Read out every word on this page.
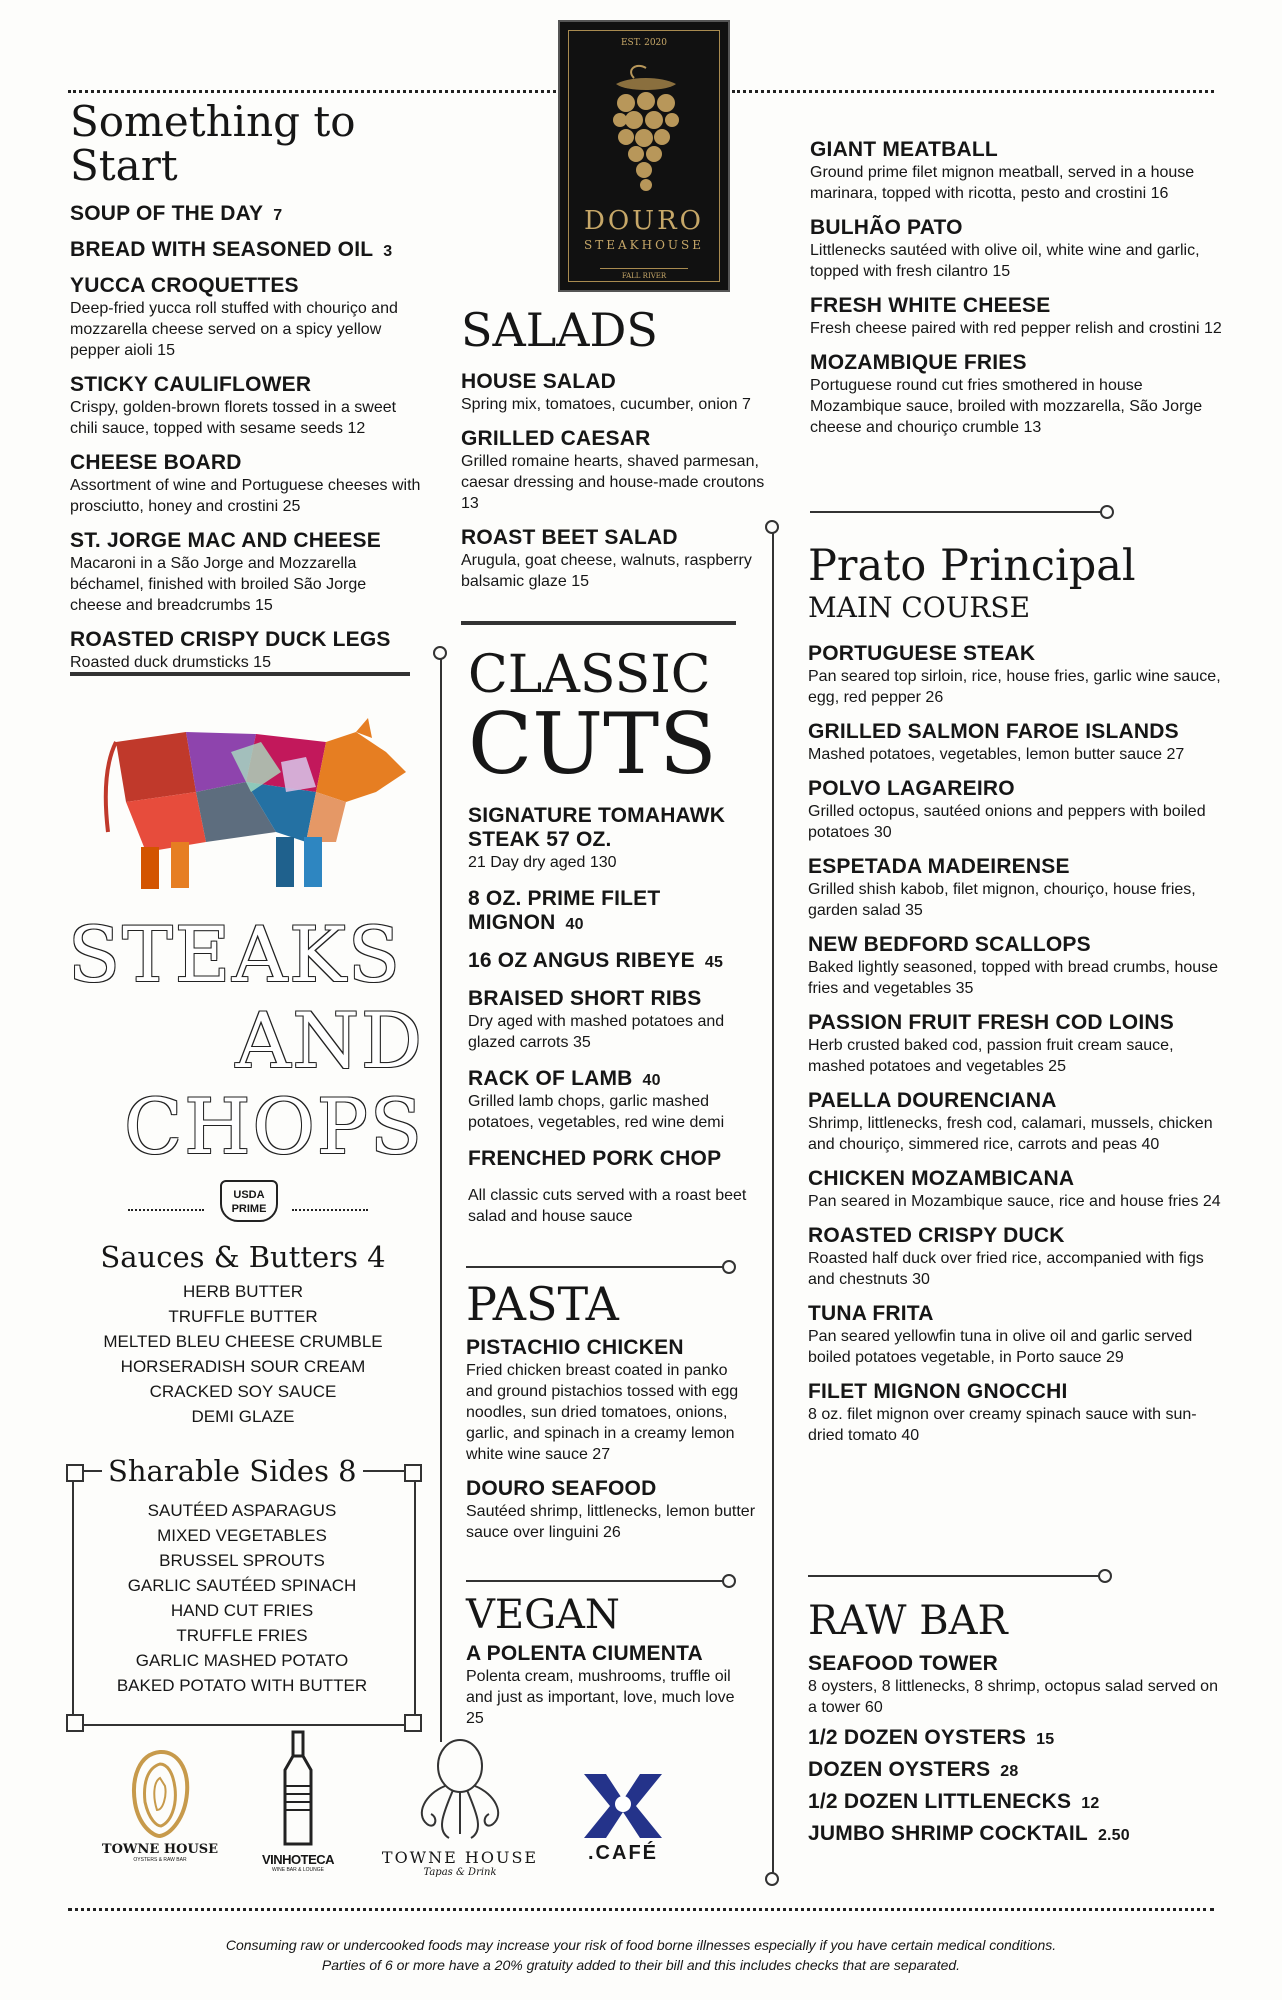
EST. 2020
DOURO
STEAKHOUSE
FALL RIVER
Something to Start
SOUP OF THE DAY 7
BREAD WITH SEASONED OIL 3
YUCCA CROQUETTES
Deep-fried yucca roll stuffed with chouriço and mozzarella cheese served on a spicy yellow pepper aioli 15
STICKY CAULIFLOWER
Crispy, golden-brown florets tossed in a sweet chili sauce, topped with sesame seeds 12
CHEESE BOARD
Assortment of wine and Portuguese cheeses with prosciutto, honey and crostini 25
ST. JORGE MAC AND CHEESE
Macaroni in a São Jorge and Mozzarella béchamel, finished with broiled São Jorge cheese and breadcrumbs 15
ROASTED CRISPY DUCK LEGS
Roasted duck drumsticks 15
STEAKS
AND
CHOPS
USDA
PRIME
Sauces & Butters 4
HERB BUTTER
TRUFFLE BUTTER
MELTED BLEU CHEESE CRUMBLE
HORSERADISH SOUR CREAM
CRACKED SOY SAUCE
DEMI GLAZE
Sharable Sides 8
SAUTÉED ASPARAGUS
MIXED VEGETABLES
BRUSSEL SPROUTS
GARLIC SAUTÉED SPINACH
HAND CUT FRIES
TRUFFLE FRIES
GARLIC MASHED POTATO
BAKED POTATO WITH BUTTER
TOWNE HOUSE
OYSTERS & RAW BAR	VINHOTECA
WINE BAR & LOUNGE
TOWNE HOUSE
Tapas & Drink
.CAFÉ
SALADS
HOUSE SALAD
Spring mix, tomatoes, cucumber, onion 7
GRILLED CAESAR
Grilled romaine hearts, shaved parmesan, caesar dressing and house-made croutons 13
ROAST BEET SALAD
Arugula, goat cheese, walnuts, raspberry balsamic glaze 15
CLASSIC
CUTS
SIGNATURE TOMAHAWK STEAK 57 OZ.
21 Day dry aged 130
8 OZ. PRIME FILET MIGNON 40
16 OZ ANGUS RIBEYE 45
BRAISED SHORT RIBS
Dry aged with mashed potatoes and glazed carrots 35
RACK OF LAMB 40
Grilled lamb chops, garlic mashed potatoes, vegetables, red wine demi
FRENCHED PORK CHOP
All classic cuts served with a roast beet salad and house sauce
PASTA
PISTACHIO CHICKEN
Fried chicken breast coated in panko and ground pistachios tossed with egg noodles, sun dried tomatoes, onions, garlic, and spinach in a creamy lemon white wine sauce 27
DOURO SEAFOOD
Sautéed shrimp, littlenecks, lemon butter sauce over linguini 26
VEGAN
A POLENTA CIUMENTA
Polenta cream, mushrooms, truffle oil and just as important, love, much love 25
GIANT MEATBALL
Ground prime filet mignon meatball, served in a house marinara, topped with ricotta, pesto and crostini 16
BULHÃO PATO
Littlenecks sautéed with olive oil, white wine and garlic, topped with fresh cilantro 15
FRESH WHITE CHEESE
Fresh cheese paired with red pepper relish and crostini 12
MOZAMBIQUE FRIES
Portuguese round cut fries smothered in house Mozambique sauce, broiled with mozzarella, São Jorge cheese and chouriço crumble 13
Prato Principal
MAIN COURSE
PORTUGUESE STEAK
Pan seared top sirloin, rice, house fries, garlic wine sauce, egg, red pepper 26
GRILLED SALMON FAROE ISLANDS
Mashed potatoes, vegetables, lemon butter sauce 27
POLVO LAGAREIRO
Grilled octopus, sautéed onions and peppers with boiled potatoes 30
ESPETADA MADEIRENSE
Grilled shish kabob, filet mignon, chouriço, house fries, garden salad 35
NEW BEDFORD SCALLOPS
Baked lightly seasoned, topped with bread crumbs, house fries and vegetables 35
PASSION FRUIT FRESH COD LOINS
Herb crusted baked cod, passion fruit cream sauce, mashed potatoes and vegetables 25
PAELLA DOURENCIANA
Shrimp, littlenecks, fresh cod, calamari, mussels, chicken and chouriço, simmered rice, carrots and peas 40
CHICKEN MOZAMBICANA
Pan seared in Mozambique sauce, rice and house fries 24
ROASTED CRISPY DUCK
Roasted half duck over fried rice, accompanied with figs and chestnuts 30
TUNA FRITA
Pan seared yellowfin tuna in olive oil and garlic served boiled potatoes vegetable, in Porto sauce 29
FILET MIGNON GNOCCHI
8 oz. filet mignon over creamy spinach sauce with sun-dried tomato 40
RAW BAR
SEAFOOD TOWER
8 oysters, 8 littlenecks, 8 shrimp, octopus salad served on a tower 60
1/2 DOZEN OYSTERS 15
DOZEN OYSTERS 28
1/2 DOZEN LITTLENECKS 12
JUMBO SHRIMP COCKTAIL 2.50
Consuming raw or undercooked foods may increase your risk of food borne illnesses especially if you have certain medical conditions.
Parties of 6 or more have a 20% gratuity added to their bill and this includes checks that are separated.
